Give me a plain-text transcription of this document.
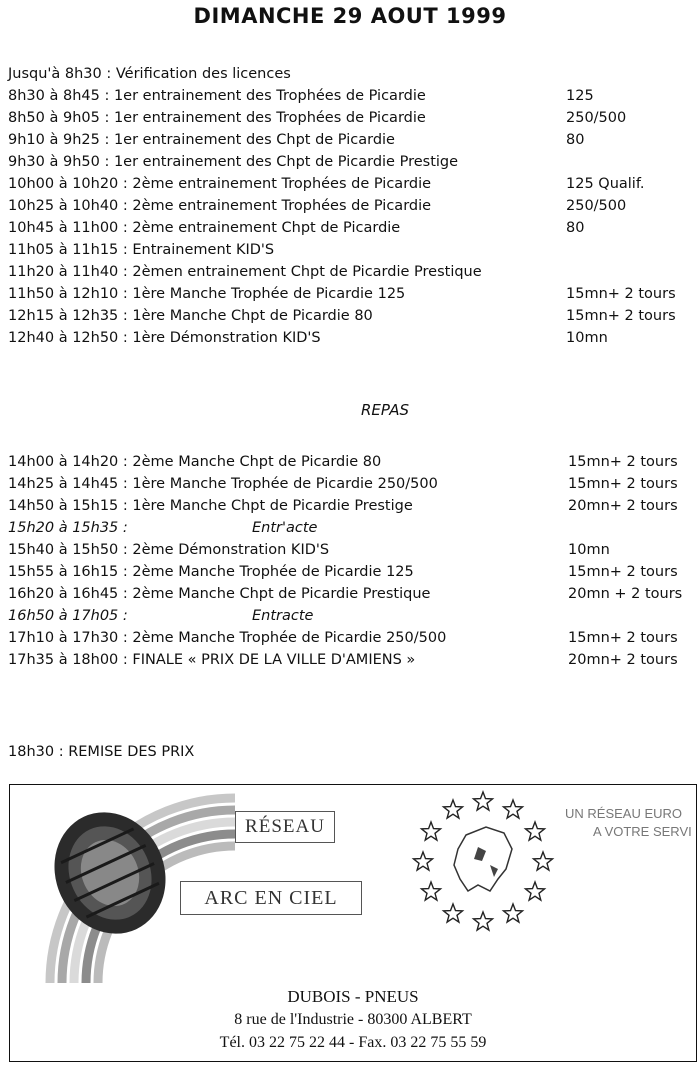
DIMANCHE 29 AOUT 1999
Jusqu'à 8h30 : Vérification des licences
8h30 à 8h45 : 1er entrainement des Trophées de Picardie	125
8h50 à 9h05 : 1er entrainement des Trophées de Picardie	250/500
9h10 à 9h25 : 1er entrainement des Chpt de Picardie	80
9h30 à 9h50 : 1er entrainement des Chpt de Picardie Prestige
10h00 à 10h20 : 2ème entrainement Trophées de Picardie	125 Qualif.
10h25 à 10h40 : 2ème entrainement Trophées de Picardie	250/500
10h45 à 11h00 : 2ème entrainement Chpt de Picardie	80
11h05 à 11h15 : Entrainement KID'S
11h20 à 11h40 : 2èmen entrainement Chpt de Picardie Prestique
11h50 à 12h10 : 1ère Manche Trophée de Picardie 125	15mn+ 2 tours
12h15 à 12h35 : 1ère Manche Chpt de Picardie 80	15mn+ 2 tours
12h40 à 12h50 : 1ère Démonstration KID'S	10mn
REPAS
14h00 à 14h20 : 2ème Manche Chpt de Picardie 80	15mn+ 2 tours
14h25 à 14h45 : 1ère Manche Trophée de Picardie 250/500	15mn+ 2 tours
14h50 à 15h15 : 1ère Manche Chpt de Picardie Prestige	20mn+ 2 tours
15h20 à 15h35 :	Entr'acte
15h40 à 15h50 : 2ème Démonstration KID'S	10mn
15h55 à 16h15 : 2ème Manche Trophée de Picardie 125	15mn+ 2 tours
16h20 à 16h45 : 2ème Manche Chpt de Picardie Prestique	20mn + 2 tours
16h50 à 17h05 :	Entracte
17h10 à 17h30 : 2ème Manche Trophée de Picardie 250/500	15mn+ 2 tours
17h35 à 18h00 : FINALE « PRIX DE LA VILLE D'AMIENS »	20mn+ 2 tours
18h30 : REMISE DES PRIX
RÉSEAU
ARC EN CIEL
UN RÉSEAU EURO
A VOTRE SERVI
DUBOIS - PNEUS
8 rue de l'Industrie - 80300 ALBERT
Tél. 03 22 75 22 44 - Fax. 03 22 75 55 59
